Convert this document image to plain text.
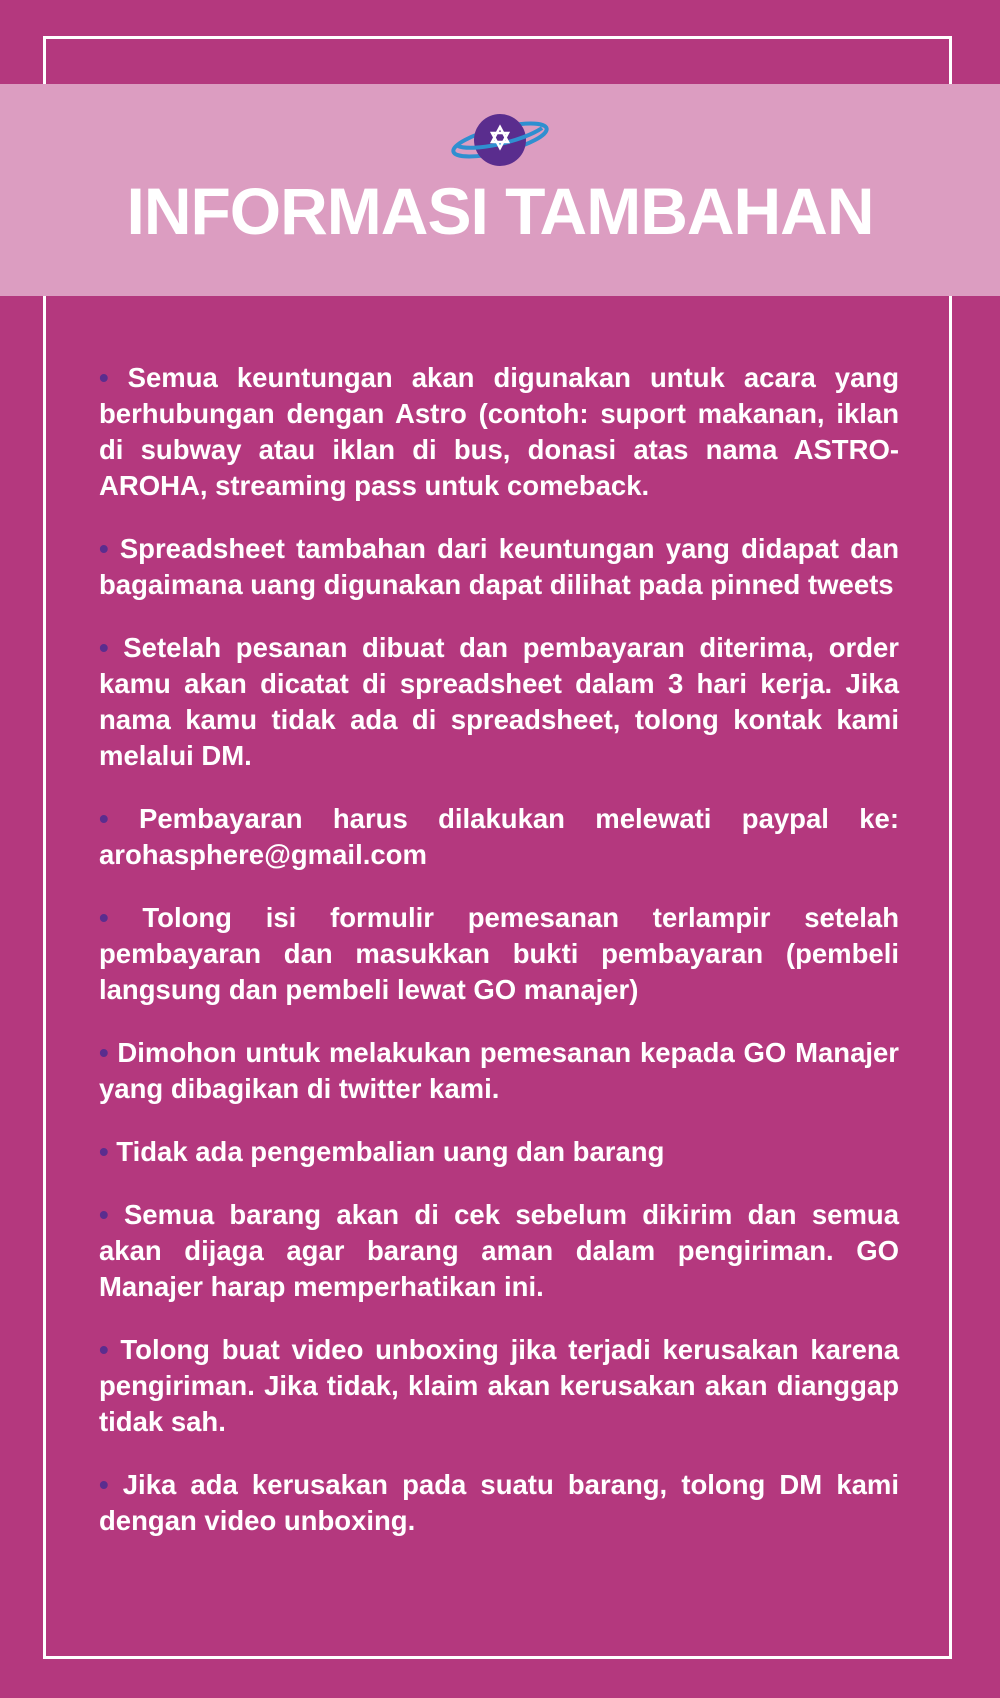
INFORMASI TAMBAHAN

• Semua keuntungan akan digunakan untuk acara yang berhubungan dengan Astro (contoh: suport makanan, iklan di subway atau iklan di bus, donasi atas nama ASTRO-AROHA, streaming pass untuk comeback.

• Spreadsheet tambahan dari keuntungan yang didapat dan bagaimana uang digunakan dapat dilihat pada pinned tweets

• Setelah pesanan dibuat dan pembayaran diterima, order kamu akan dicatat di spreadsheet dalam 3 hari kerja. Jika nama kamu tidak ada di spreadsheet, tolong kontak kami melalui DM.

• Pembayaran harus dilakukan melewati paypal ke: arohasphere@gmail.com

• Tolong isi formulir pemesanan terlampir setelah pembayaran dan masukkan bukti pembayaran (pembeli langsung dan pembeli lewat GO manajer)

• Dimohon untuk melakukan pemesanan kepada GO Manajer yang dibagikan di twitter kami.

• Tidak ada pengembalian uang dan barang

• Semua barang akan di cek sebelum dikirim dan semua akan dijaga agar barang aman dalam pengiriman. GO Manajer harap memperhatikan ini.

• Tolong buat video unboxing jika terjadi kerusakan karena pengiriman. Jika tidak, klaim akan kerusakan akan dianggap tidak sah.

• Jika ada kerusakan pada suatu barang, tolong DM kami dengan video unboxing.
